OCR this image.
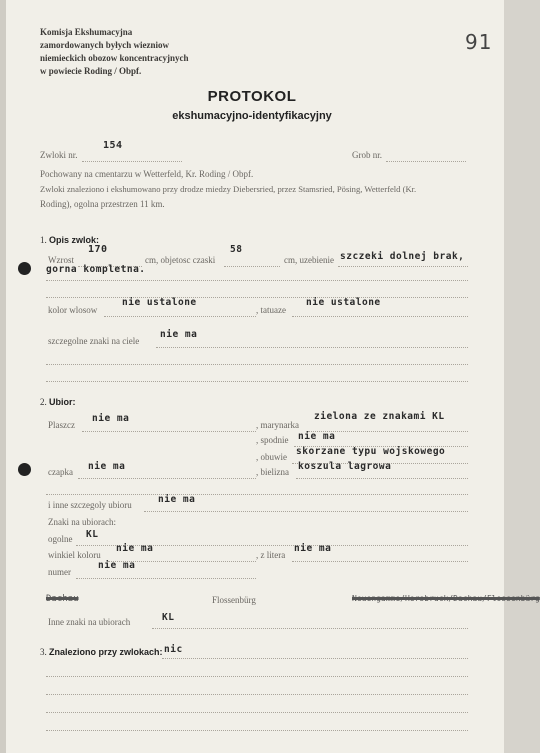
Komisja Ekshumacyjna
zamordowanych byłych wiezniow
niemieckich obozow koncentracyjnych
w powiecie Roding / Obpf.
91
PROTOKOL
ekshumacyjno-identyfikacyjny
Zwloki nr.
154
Grob nr.
Pochowany na cmentarzu w Wetterfeld, Kr. Roding / Obpf.
Zwloki znaleziono i ekshumowano przy drodze miedzy Diebersried, przez Stamsried, Pösing, Wetterfeld (Kr.
Roding), ogolna przestrzen 11 km.
1. Opis zwlok:
Wzrost
170
cm, objetosc czaski
58
cm, uzebienie szczeki dolnej brak,
gorna kompletna.
kolor wlosow
nie ustalone
, tatuaze
nie ustalone
szczegolne znaki na ciele
nie ma
2. Ubior:
Plaszcz
nie ma
, marynarka
zielona ze znakami KL
, spodnie nie ma
, obuwie skorzane typu wojskowego
czapka nie ma	, bielizna koszula lagrowa
i inne szczegoly ubioru	nie ma
Znaki na ubiorach:
ogolne KL
winkiel koloru
nie ma
, z litera
nie ma
numer
nie ma
Dachau	Flossenbürg	Neuengamme/Hersbruck/Dachau/Flossenbürg
Inne znaki na ubiorach	KL
3. Znaleziono przy zwlokach: nic
